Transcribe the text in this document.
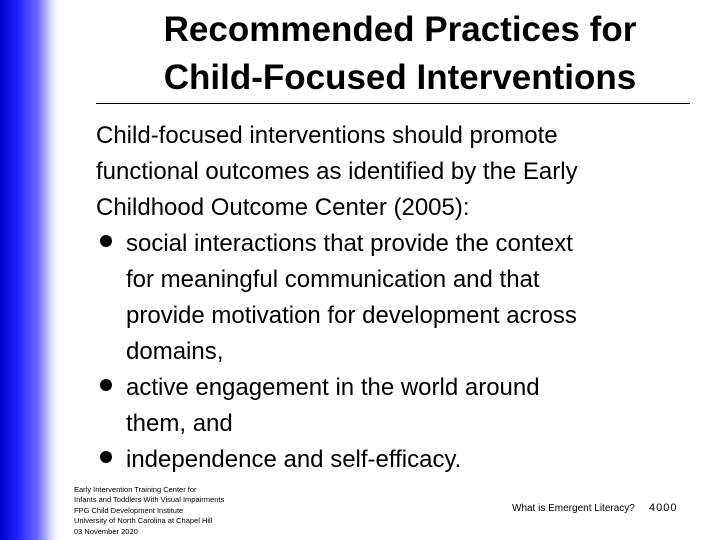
Recommended Practices for
Child-Focused Interventions
Child-focused interventions should promote
functional outcomes as identified by the Early
Childhood Outcome Center (2005):
social interactions that provide the context
for meaningful communication and that
provide motivation for development across
domains,
active engagement in the world around
them, and
independence and self-efficacy.
Early Intervention Training Center for
Infants and Toddlers With Visual Impairments
FPG Child Development Institute
University of North Carolina at Chapel Hill
03 November 2020
What is Emergent Literacy? 4000
